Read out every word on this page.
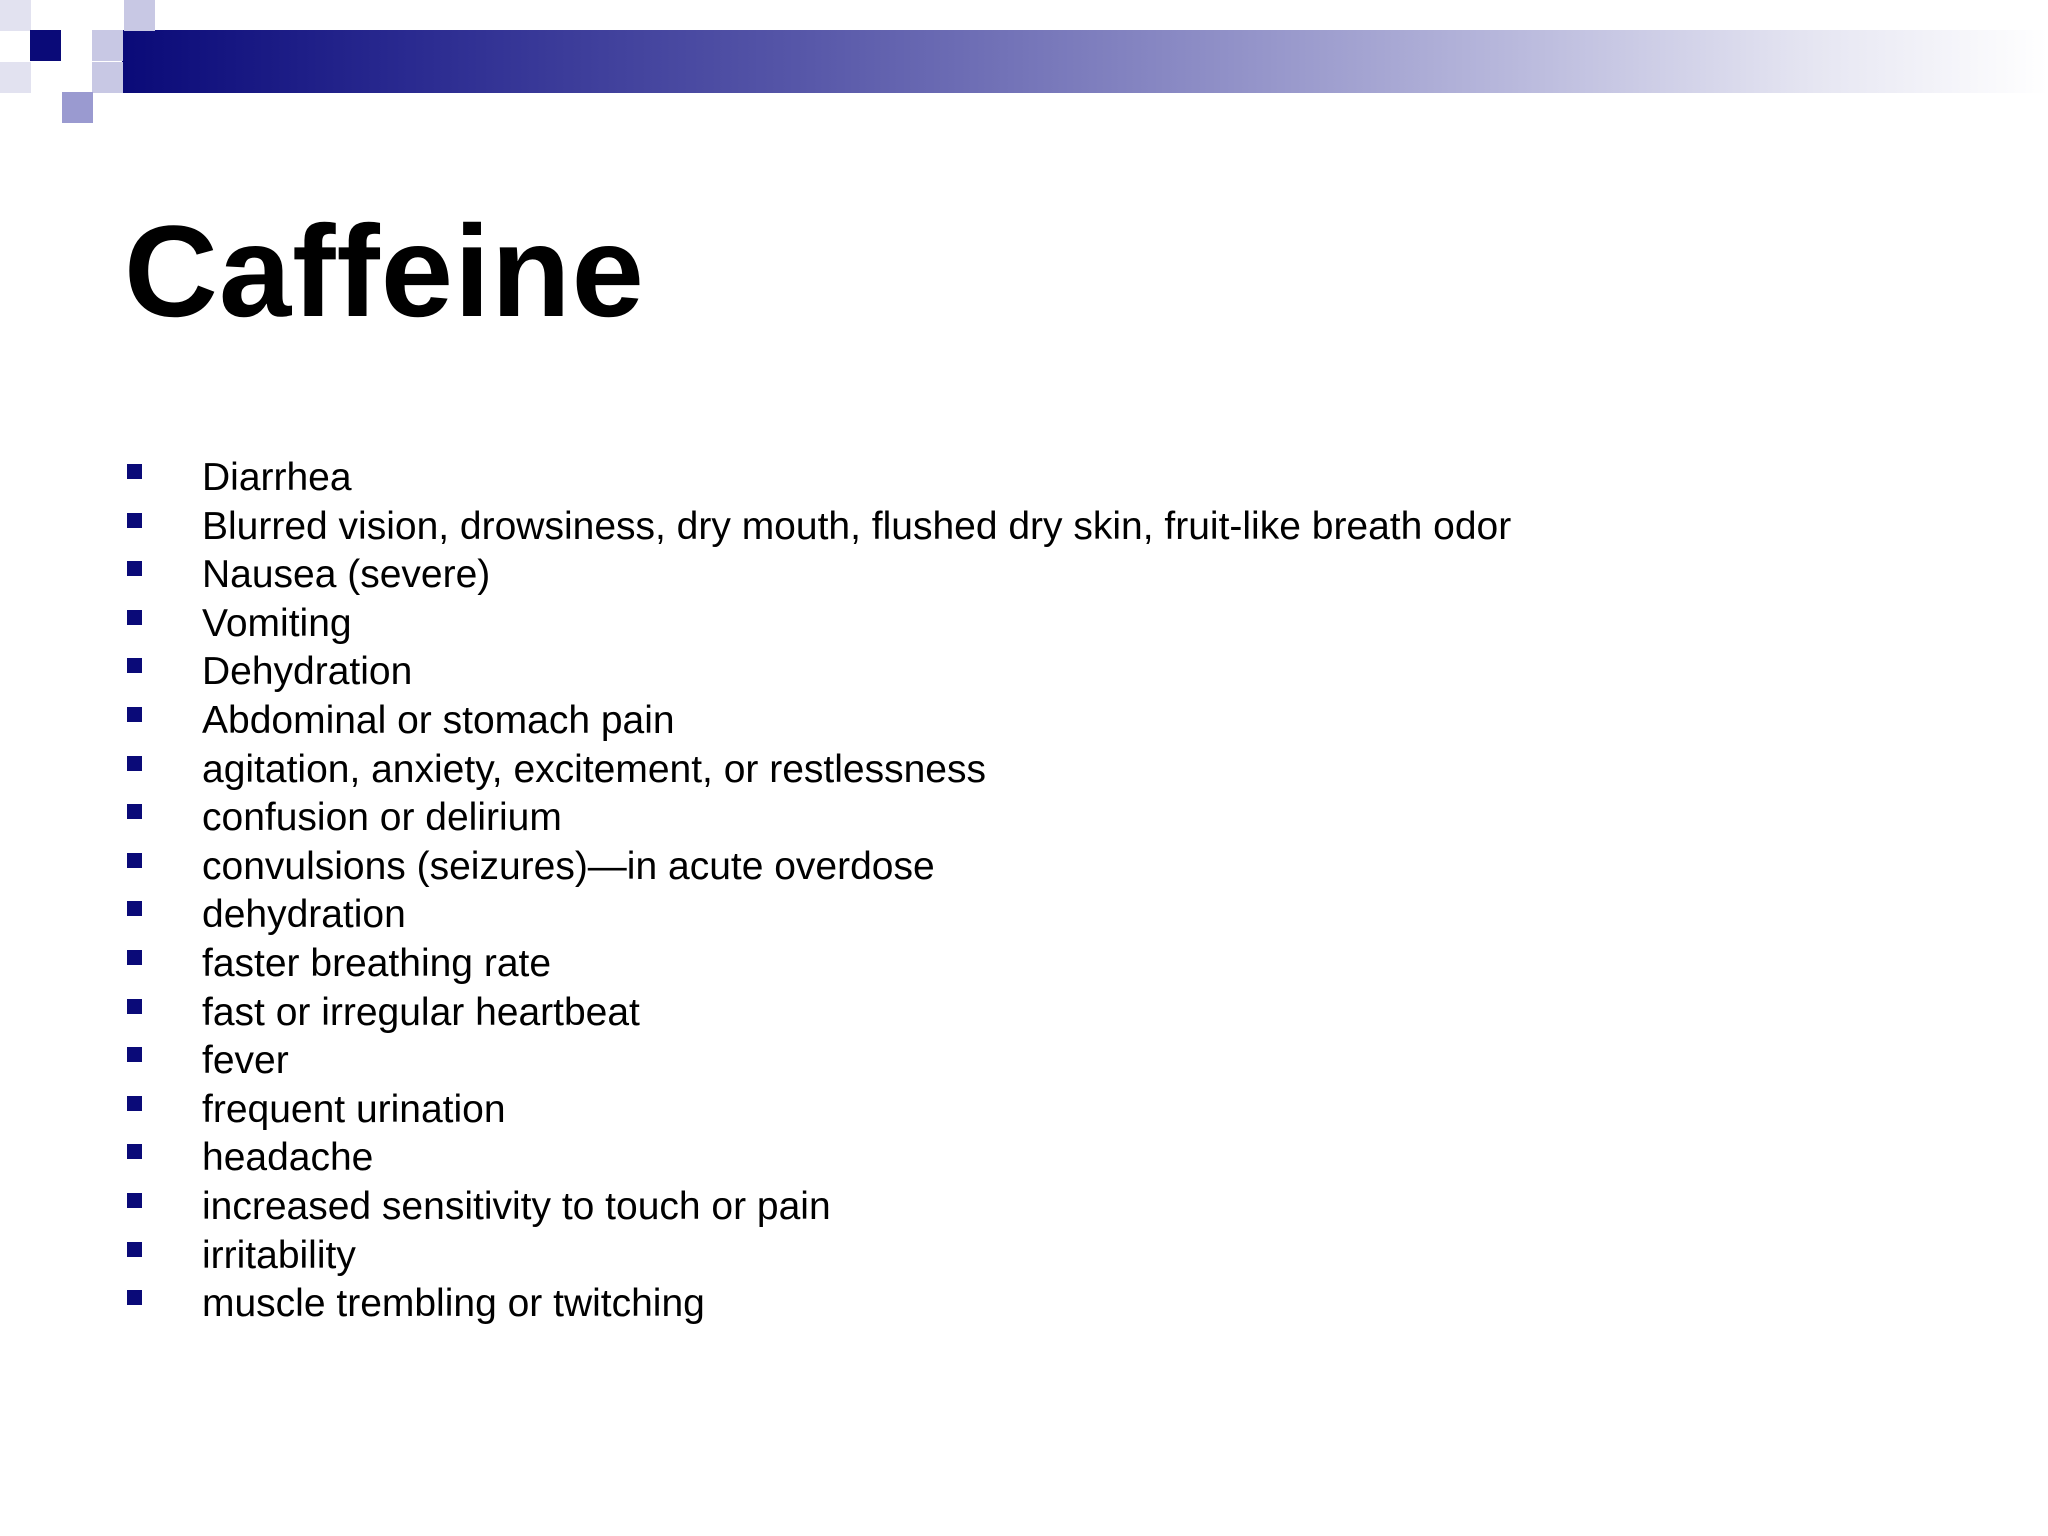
Caffeine
Diarrhea
Blurred vision, drowsiness, dry mouth, flushed dry skin, fruit-like breath odor
Nausea (severe)
Vomiting
Dehydration
Abdominal or stomach pain
agitation, anxiety, excitement, or restlessness
confusion or delirium
convulsions (seizures)—in acute overdose
dehydration
faster breathing rate
fast or irregular heartbeat
fever
frequent urination
headache
increased sensitivity to touch or pain
irritability
muscle trembling or twitching
